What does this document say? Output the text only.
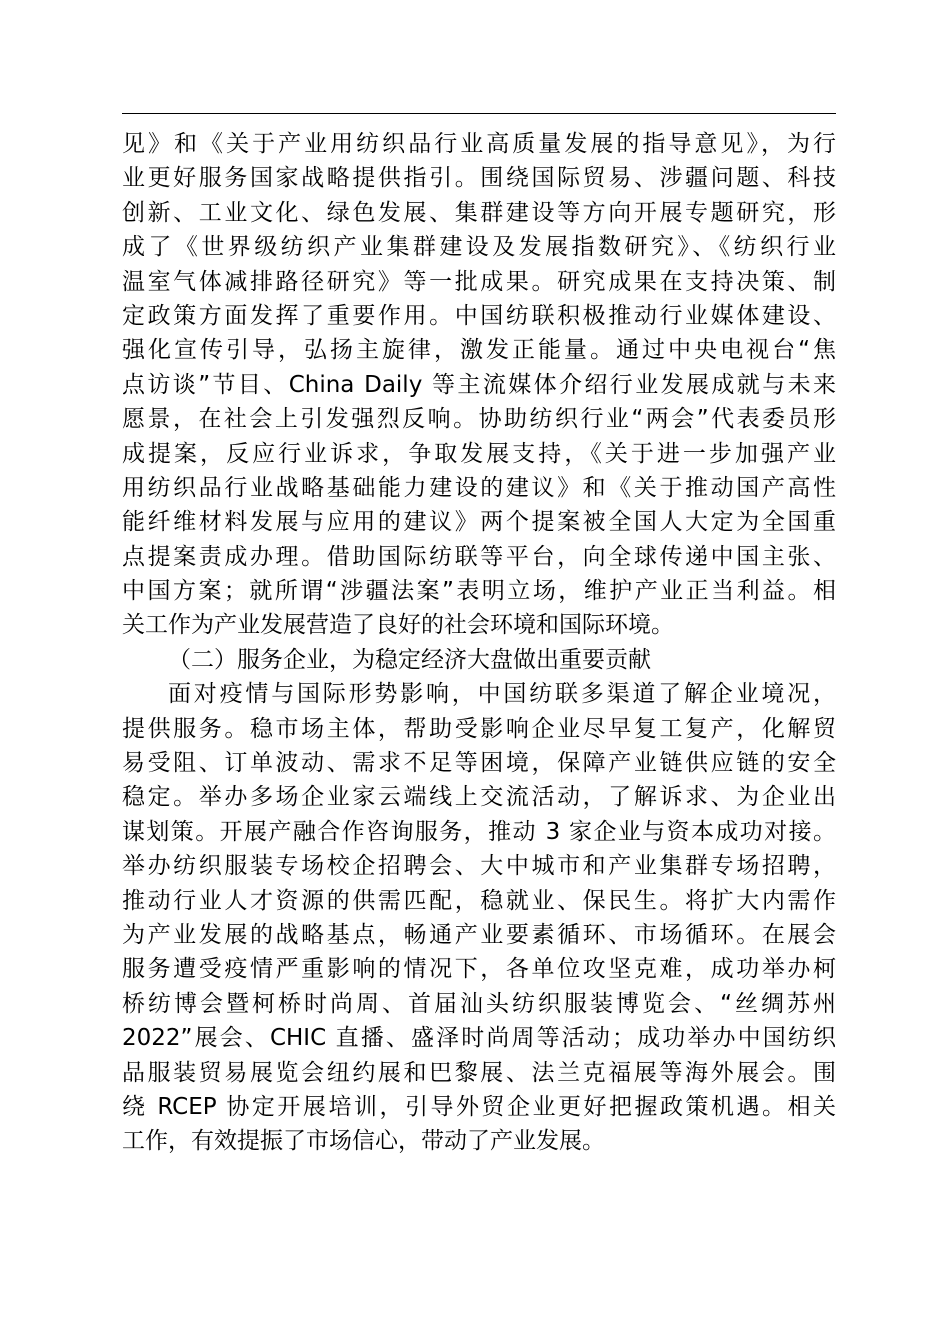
见》和《关于产业用纺织品行业高质量发展的指导意见》，为行
业更好服务国家战略提供指引。围绕国际贸易、涉疆问题、科技
创新、工业文化、绿色发展、集群建设等方向开展专题研究，形
成了《世界级纺织产业集群建设及发展指数研究》、《纺织行业
温室气体减排路径研究》等一批成果。研究成果在支持决策、制
定政策方面发挥了重要作用。中国纺联积极推动行业媒体建设、
强化宣传引导，弘扬主旋律，激发正能量。通过中央电视台“焦
点访谈”节目、China Daily 等主流媒体介绍行业发展成就与未来
愿景，在社会上引发强烈反响。协助纺织行业“两会”代表委员形
成提案，反应行业诉求，争取发展支持，《关于进一步加强产业
用纺织品行业战略基础能力建设的建议》和《关于推动国产高性
能纤维材料发展与应用的建议》两个提案被全国人大定为全国重
点提案责成办理。借助国际纺联等平台，向全球传递中国主张、
中国方案；就所谓“涉疆法案”表明立场，维护产业正当利益。相
关工作为产业发展营造了良好的社会环境和国际环境。
（二）服务企业，为稳定经济大盘做出重要贡献
面对疫情与国际形势影响，中国纺联多渠道了解企业境况，
提供服务。稳市场主体，帮助受影响企业尽早复工复产，化解贸
易受阻、订单波动、需求不足等困境，保障产业链供应链的安全
稳定。举办多场企业家云端线上交流活动，了解诉求、为企业出
谋划策。开展产融合作咨询服务，推动 3 家企业与资本成功对接。
举办纺织服装专场校企招聘会、大中城市和产业集群专场招聘，
推动行业人才资源的供需匹配，稳就业、保民生。将扩大内需作
为产业发展的战略基点，畅通产业要素循环、市场循环。在展会
服务遭受疫情严重影响的情况下，各单位攻坚克难，成功举办柯
桥纺博会暨柯桥时尚周、首届汕头纺织服装博览会、“丝绸苏州
2022”展会、CHIC 直播、盛泽时尚周等活动；成功举办中国纺织
品服装贸易展览会纽约展和巴黎展、法兰克福展等海外展会。围
绕 RCEP 协定开展培训，引导外贸企业更好把握政策机遇。相关
工作，有效提振了市场信心，带动了产业发展。
